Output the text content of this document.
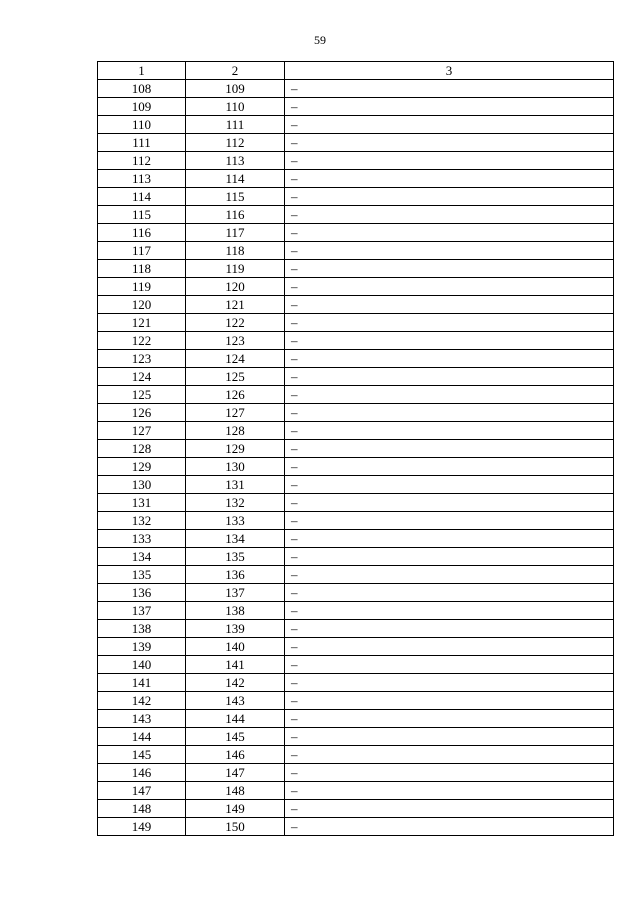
59
1	2	3
108	109	–
109	110	–
110	111	–
111	112	–
112	113	–
113	114	–
114	115	–
115	116	–
116	117	–
117	118	–
118	119	–
119	120	–
120	121	–
121	122	–
122	123	–
123	124	–
124	125	–
125	126	–
126	127	–
127	128	–
128	129	–
129	130	–
130	131	–
131	132	–
132	133	–
133	134	–
134	135	–
135	136	–
136	137	–
137	138	–
138	139	–
139	140	–
140	141	–
141	142	–
142	143	–
143	144	–
144	145	–
145	146	–
146	147	–
147	148	–
148	149	–
149	150	–
